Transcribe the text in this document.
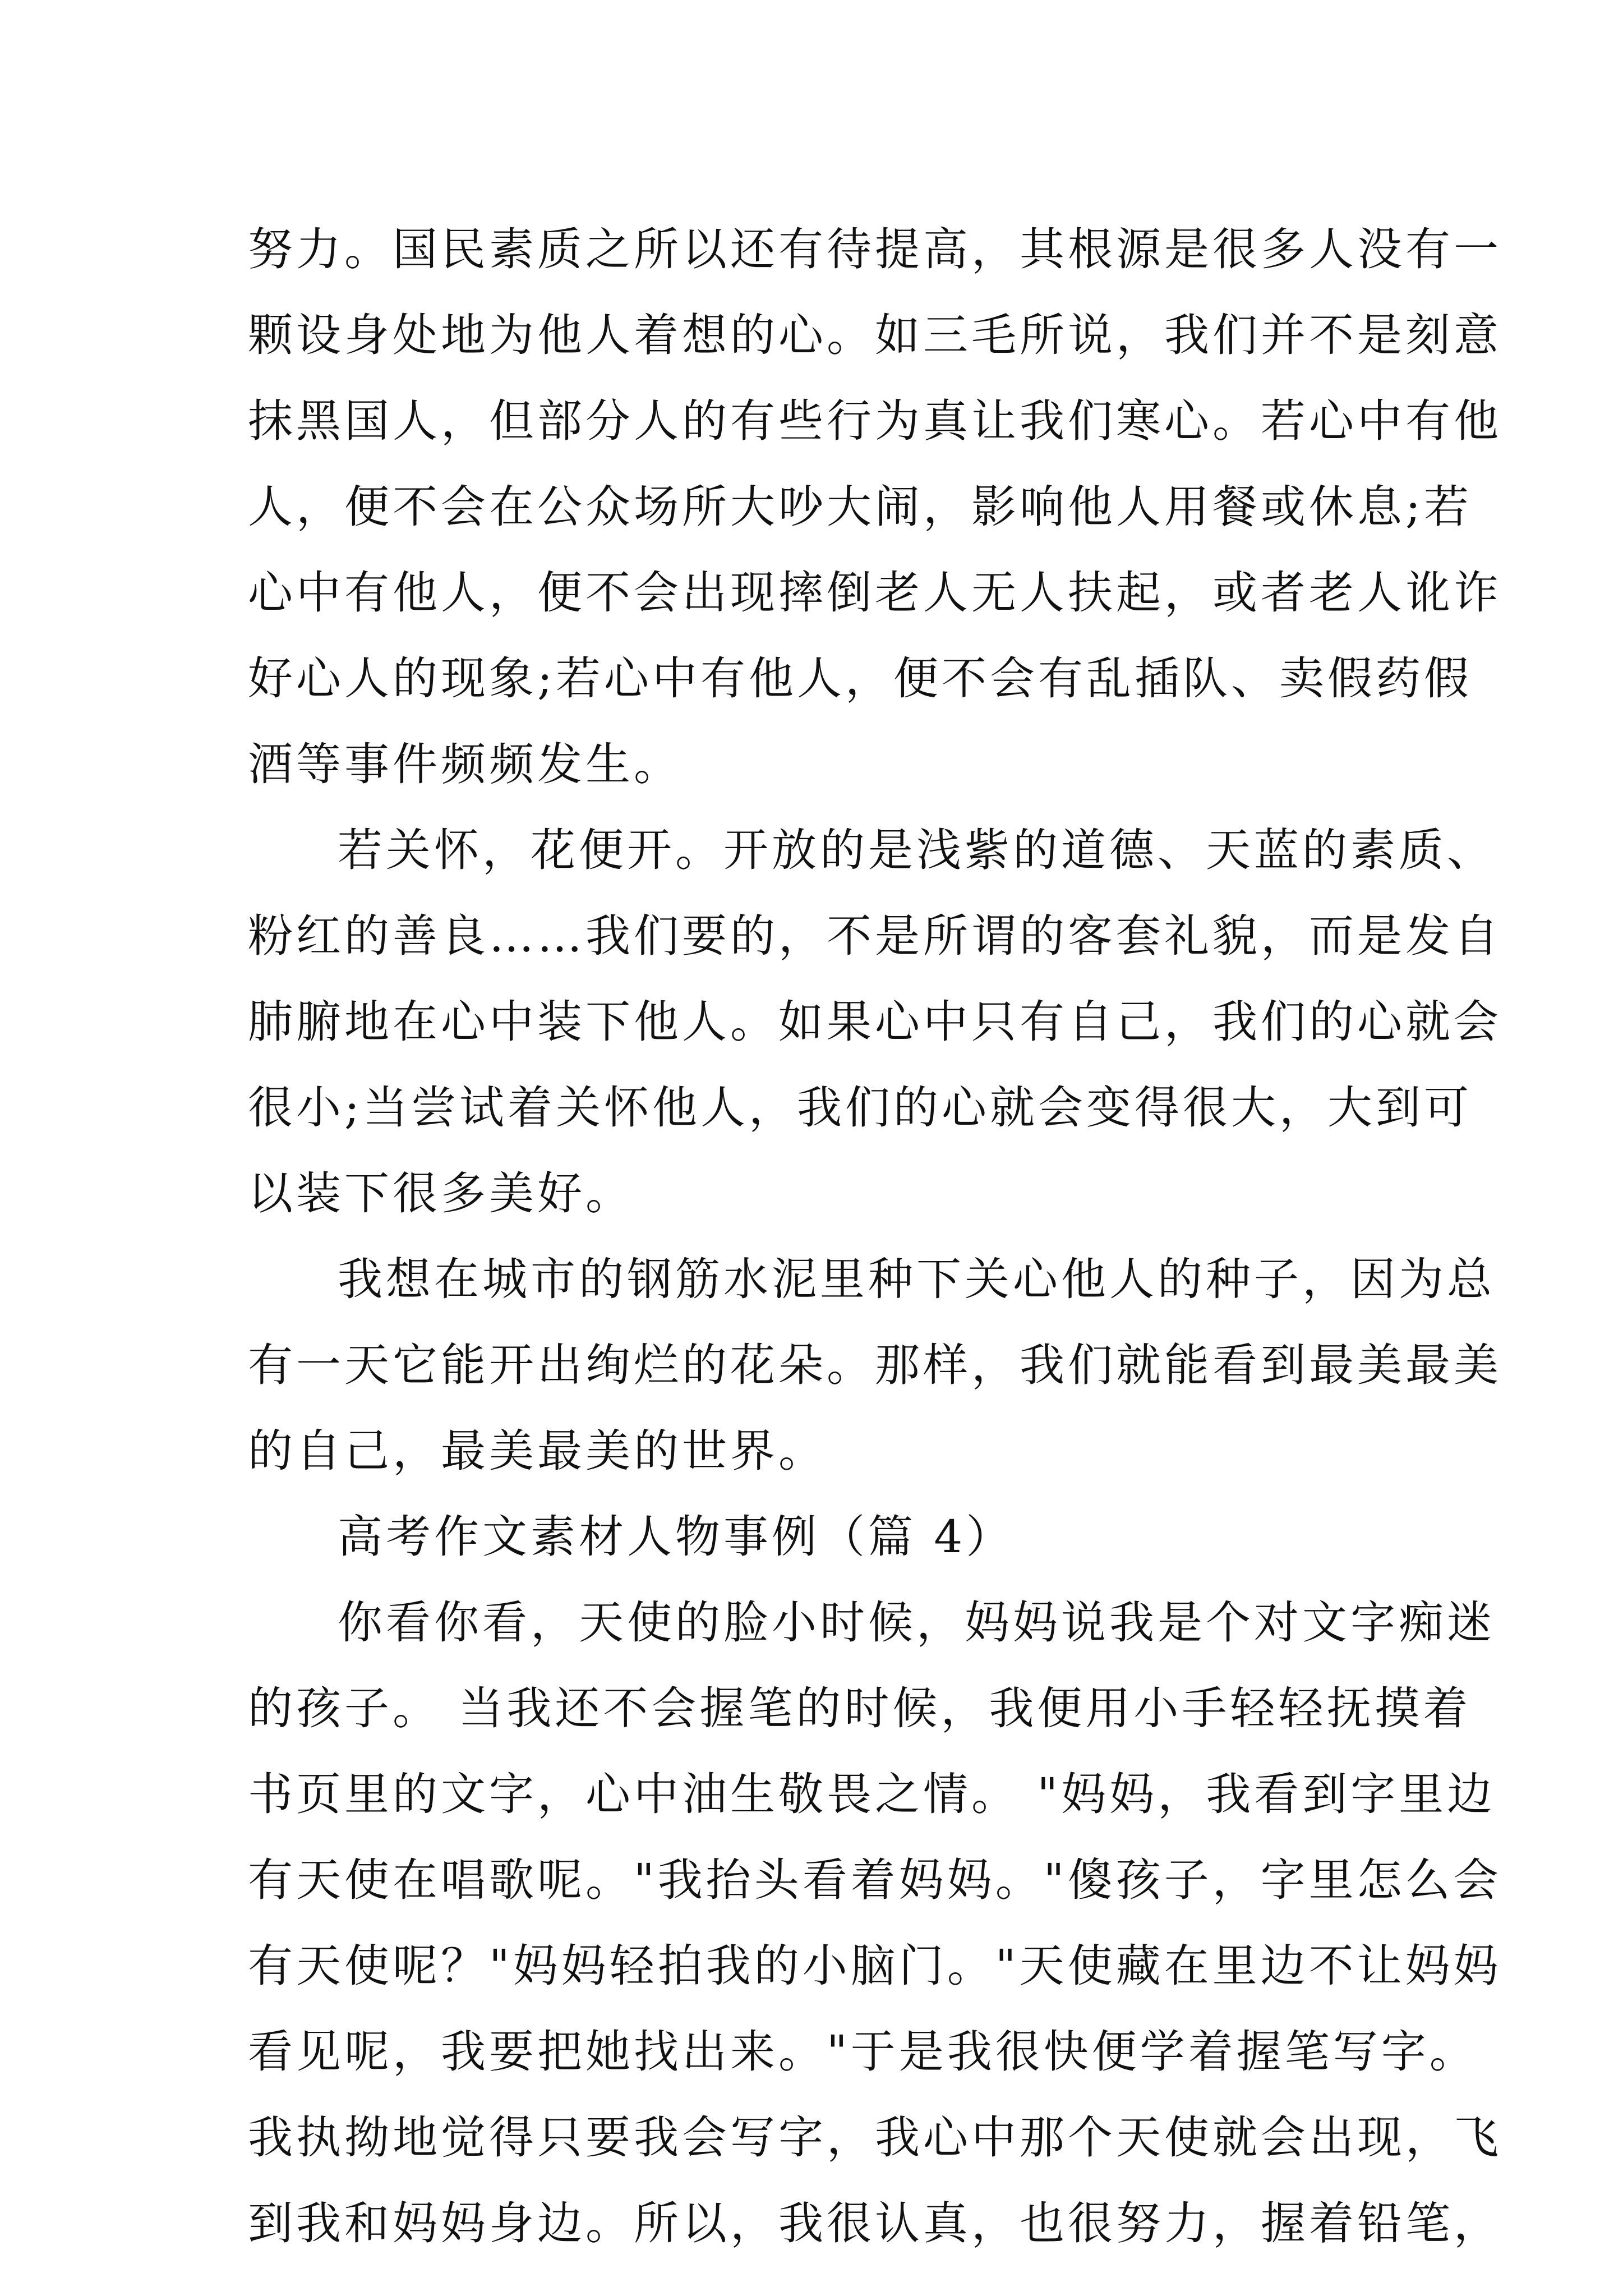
努力。国民素质之所以还有待提高，其根源是很多人没有一
颗设身处地为他人着想的心。如三毛所说，我们并不是刻意
抹黑国人，但部分人的有些行为真让我们寒心。若心中有他
人，便不会在公众场所大吵大闹，影响他人用餐或休息;若
心中有他人，便不会出现摔倒老人无人扶起，或者老人讹诈
好心人的现象;若心中有他人，便不会有乱插队、卖假药假
酒等事件频频发生。
若关怀，花便开。开放的是浅紫的道德、天蓝的素质、
粉红的善良……我们要的，不是所谓的客套礼貌，而是发自
肺腑地在心中装下他人。如果心中只有自己，我们的心就会
很小;当尝试着关怀他人，我们的心就会变得很大，大到可
以装下很多美好。
我想在城市的钢筋水泥里种下关心他人的种子，因为总
有一天它能开出绚烂的花朵。那样，我们就能看到最美最美
的自己，最美最美的世界。
高考作文素材人物事例（篇 4）
你看你看，天使的脸小时候，妈妈说我是个对文字痴迷
的孩子。 当我还不会握笔的时候，我便用小手轻轻抚摸着
书页里的文字，心中油生敬畏之情。 "妈妈，我看到字里边
有天使在唱歌呢。"我抬头看着妈妈。"傻孩子，字里怎么会
有天使呢？"妈妈轻拍我的小脑门。"天使藏在里边不让妈妈
看见呢，我要把她找出来。"于是我很快便学着握笔写字。
我执拗地觉得只要我会写字，我心中那个天使就会出现，飞
到我和妈妈身边。所以，我很认真，也很努力，握着铅笔，
